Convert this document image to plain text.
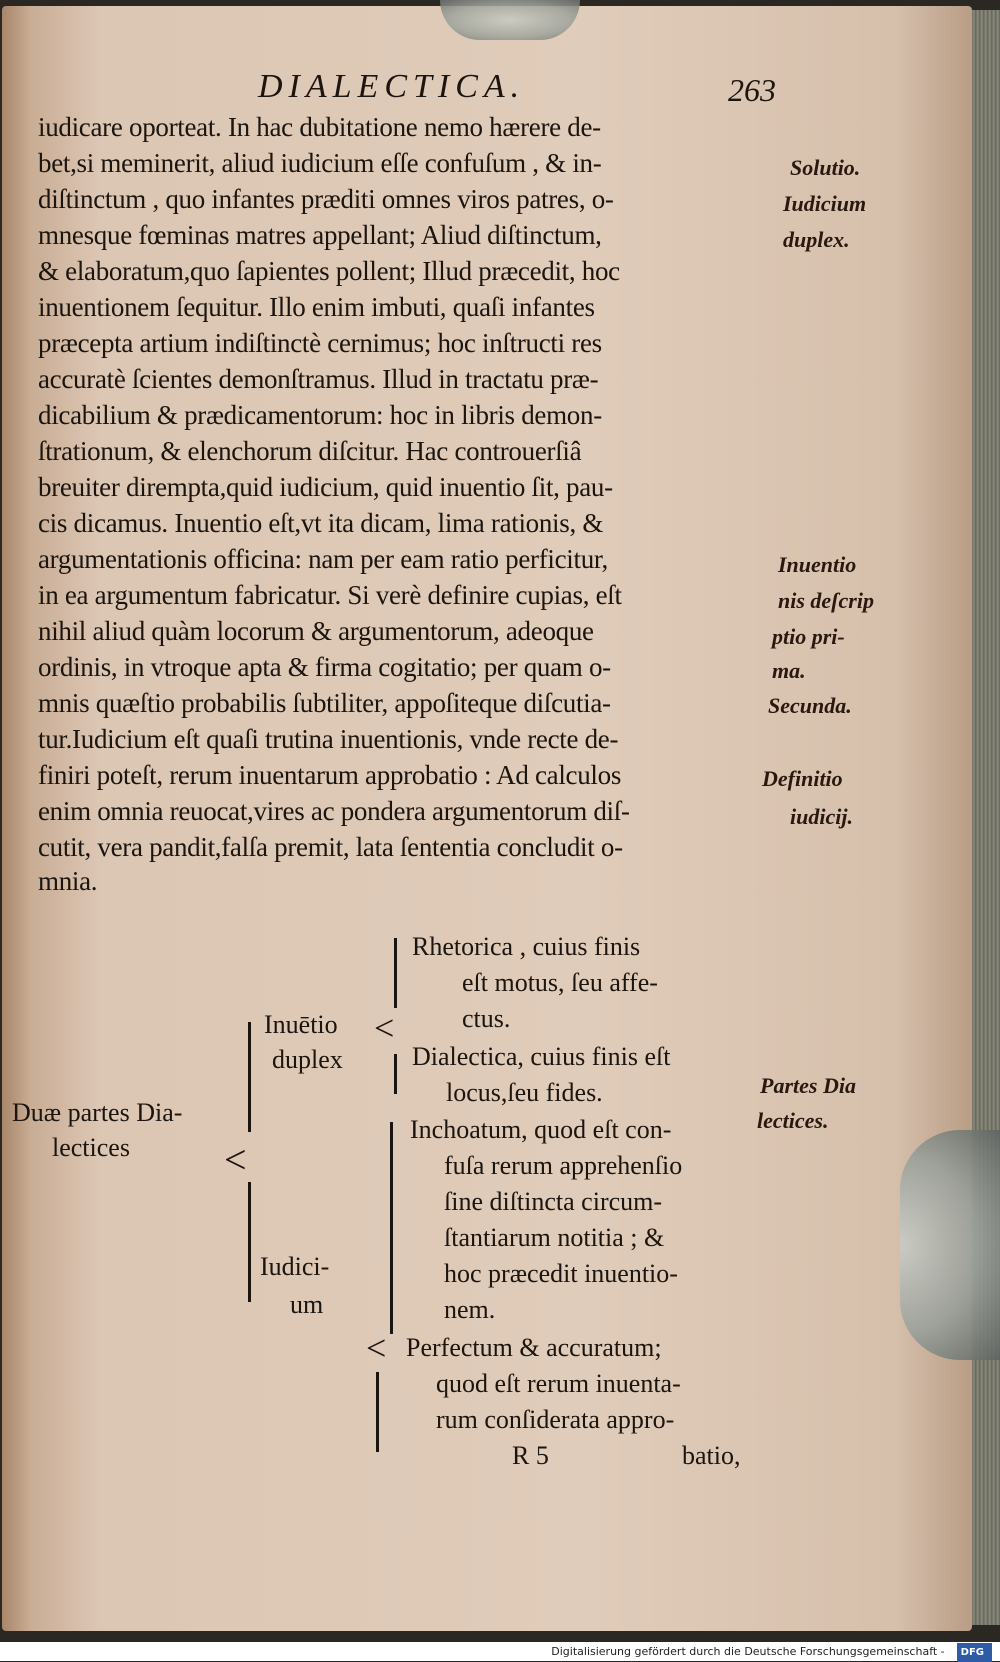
DIALECTICA.	263
iudicare oporteat. In hac dubitatione nemo hærere de-
bet,si meminerit, aliud iudicium eſſe confuſum , & in-
diſtinctum , quo infantes præditi omnes viros patres, o-
mnesque fœminas matres appellant; Aliud diſtinctum,
& elaboratum,quo ſapientes pollent; Illud præcedit, hoc
inuentionem ſequitur. Illo enim imbuti, quaſi infantes
præcepta artium indiſtinctè cernimus; hoc inſtructi res
accuratè ſcientes demonſtramus. Illud in tractatu præ-
dicabilium & prædicamentorum: hoc in libris demon-
ſtrationum, & elenchorum diſcitur. Hac controuerſiâ
breuiter dirempta,quid iudicium, quid inuentio ſit, pau-
cis dicamus. Inuentio eſt,vt ita dicam, lima rationis, &
argumentationis officina: nam per eam ratio perficitur,
in ea argumentum fabricatur. Si verè definire cupias, eſt
nihil aliud quàm locorum & argumentorum, adeoque
ordinis, in vtroque apta & firma cogitatio; per quam o-
mnis quæſtio probabilis ſubtiliter, appoſiteque diſcutia-
tur.Iudicium eſt quaſi trutina inuentionis, vnde recte de-
finiri poteſt, rerum inuentarum approbatio : Ad calculos
enim omnia reuocat,vires ac pondera argumentorum diſ-
cutit, vera pandit,falſa premit, lata ſententia concludit o-
mnia.
Solutio.
Iudicium
duplex.
Inuentio
nis deſcrip
ptio pri-
ma.
Secunda.
Definitio
iudicij.
Partes Dia
lectices.
Duæ partes Dia-
lectices <
Inuētio
duplex
Iudici-
um
<
Rhetorica , cuius finis
eſt motus, ſeu affe-
ctus.
Dialectica, cuius finis eſt
locus,ſeu fides.
<
Inchoatum, quod eſt con-
fuſa rerum apprehenſio
ſine diſtincta circum-
ſtantiarum notitia ; &
hoc præcedit inuentio-
nem.
Perfectum & accuratum;
quod eſt rerum inuenta-
rum conſiderata appro-
batio,
R 5
Digitalisierung gefördert durch die Deutsche Forschungsgemeinschaft - DFG
